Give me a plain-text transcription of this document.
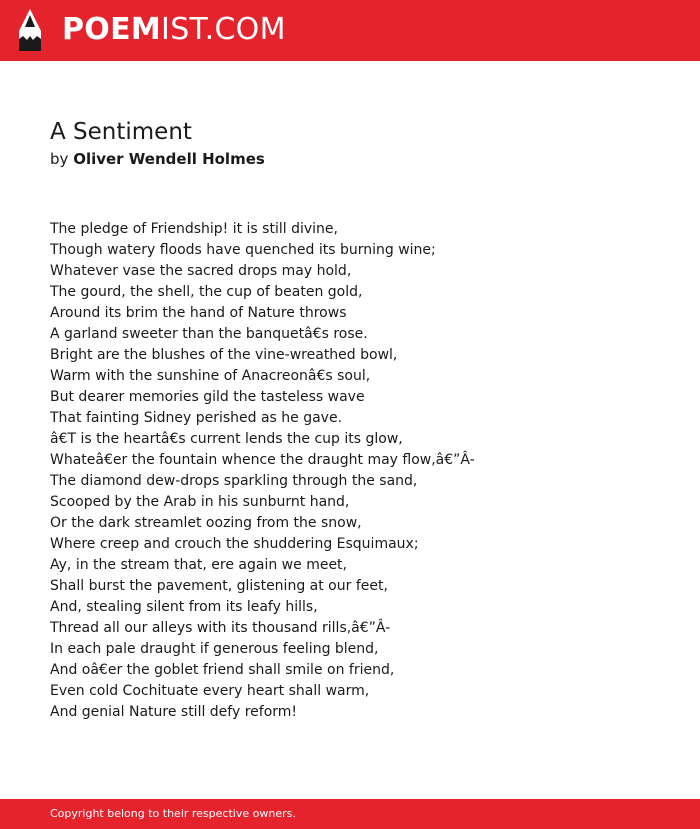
POEMIST.COM
A Sentiment
by Oliver Wendell Holmes
The pledge of Friendship! it is still divine,
Though watery floods have quenched its burning wine;
Whatever vase the sacred drops may hold,
The gourd, the shell, the cup of beaten gold,
Around its brim the hand of Nature throws
A garland sweeter than the banquetâ€s rose.
Bright are the blushes of the vine-wreathed bowl,
Warm with the sunshine of Anacreonâ€s soul,
But dearer memories gild the tasteless wave
That fainting Sidney perished as he gave.
â€T is the heartâ€s current lends the cup its glow,
Whateâ€er the fountain whence the draught may flow,â€”Â-
The diamond dew-drops sparkling through the sand,
Scooped by the Arab in his sunburnt hand,
Or the dark streamlet oozing from the snow,
Where creep and crouch the shuddering Esquimaux;
Ay, in the stream that, ere again we meet,
Shall burst the pavement, glistening at our feet,
And, stealing silent from its leafy hills,
Thread all our alleys with its thousand rills,â€”Â-
In each pale draught if generous feeling blend,
And oâ€er the goblet friend shall smile on friend,
Even cold Cochituate every heart shall warm,
And genial Nature still defy reform!
Copyright belong to their respective owners.
